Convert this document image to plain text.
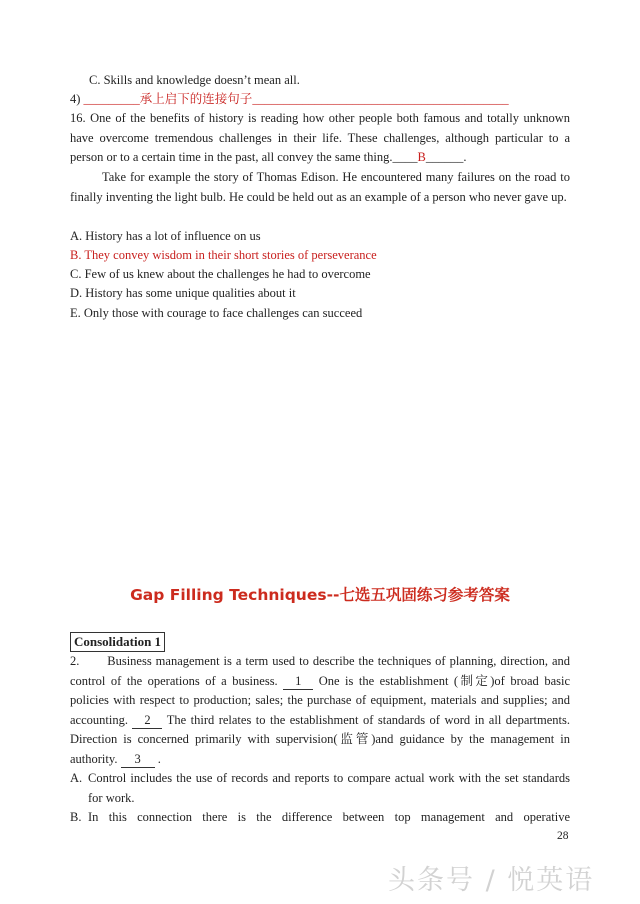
C. Skills and knowledge doesn’t mean all.
4) _________承上启下的连接句子_________________________________________
16. One of the benefits of history is reading how other people both famous and totally unknown have overcome tremendous challenges in their life. These challenges, although particular to a person or to a certain time in the past, all convey the same thing.____B______.
Take for example the story of Thomas Edison. He encountered many failures on the road to finally inventing the light bulb. He could be held out as an example of a person who never gave up.
A. History has a lot of influence on us
B. They convey wisdom in their short stories of perseverance
C. Few of us knew about the challenges he had to overcome
D. History has some unique qualities about it
E. Only those with courage to face challenges can succeed
Gap Filling Techniques--七选五巩固练习参考答案
Consolidation 1
2. Business management is a term used to describe the techniques of planning, direction, and control of the operations of a business. 1 One is the establishment (制定)of broad basic policies with respect to production; sales; the purchase of equipment, materials and supplies; and accounting. 2 The third relates to the establishment of standards of word in all departments. Direction is concerned primarily with supervision(监管)and guidance by the management in authority. 3 .
A. Control includes the use of records and reports to compare actual work with the set standards for work.
B. In this connection there is the difference between top management and operative
28
头条号 / 悦英语
